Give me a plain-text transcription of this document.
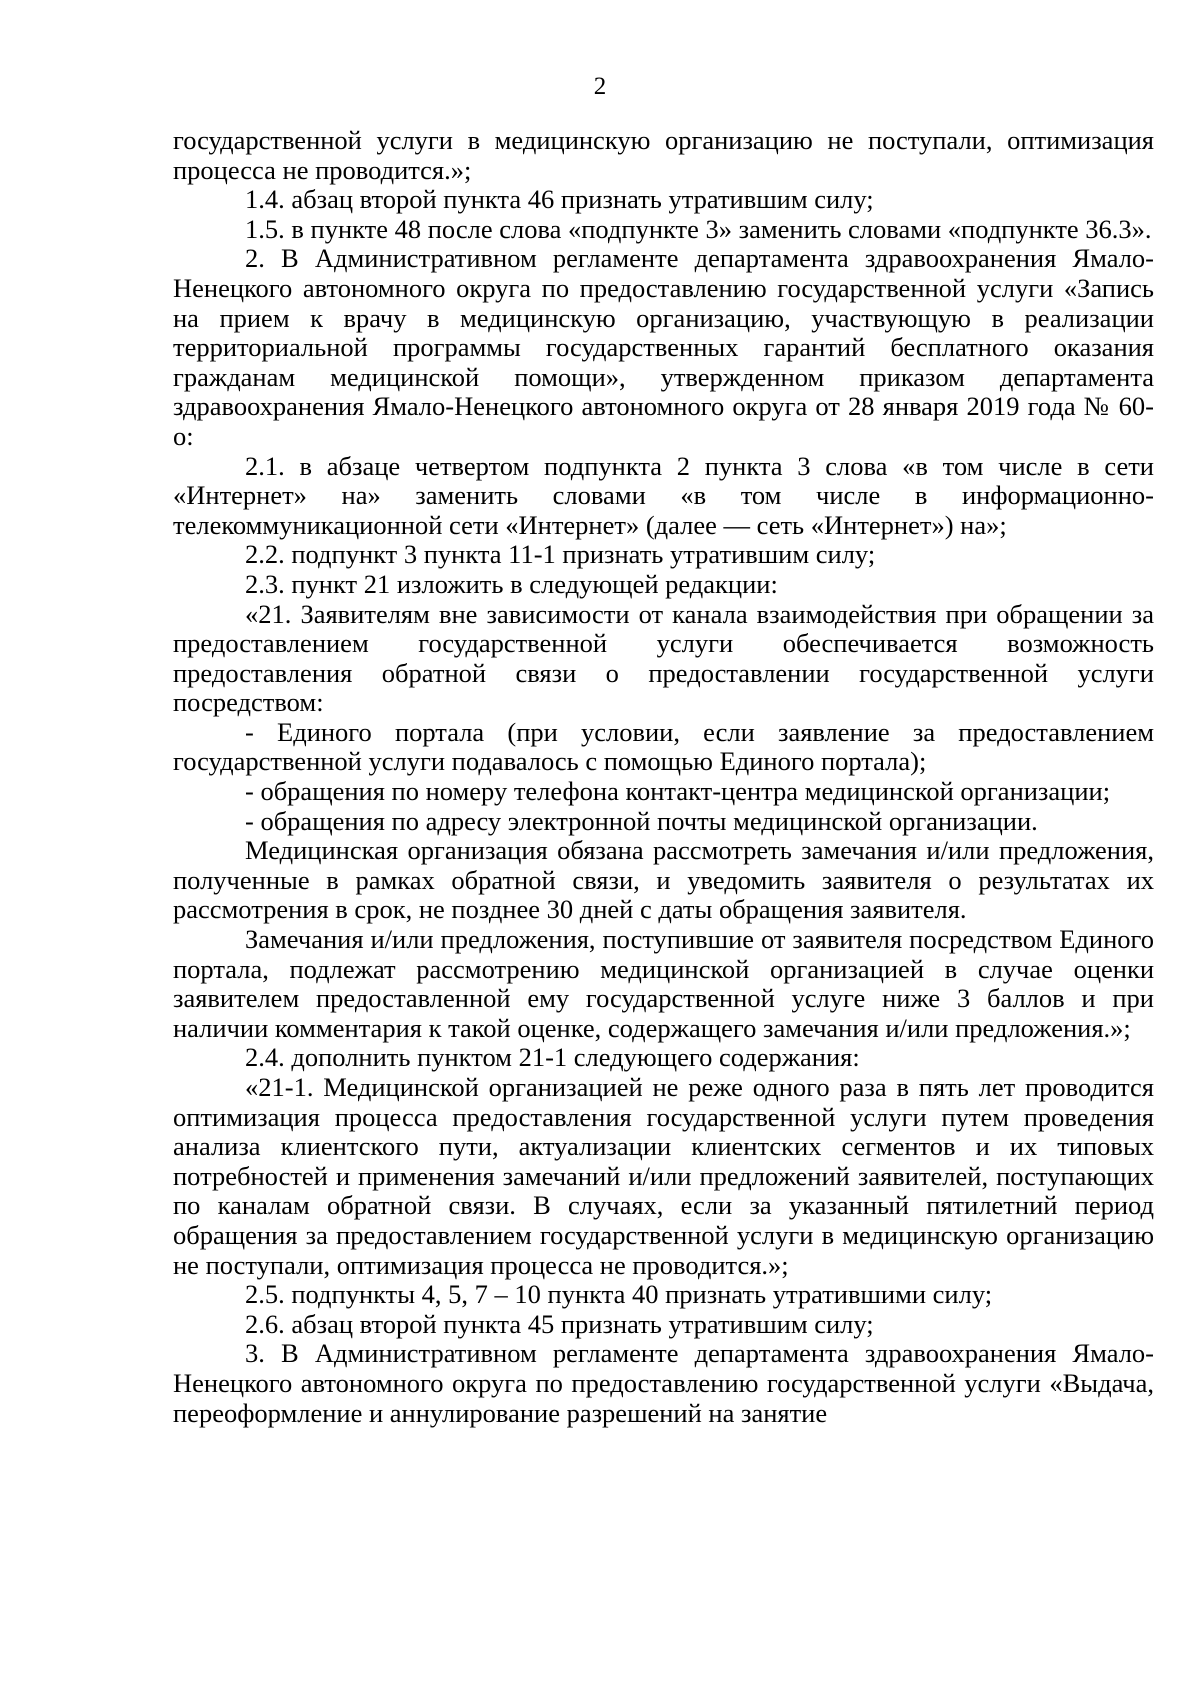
2

государственной услуги в медицинскую организацию не поступали, оптимизация процесса не проводится.»;

1.4. абзац второй пункта 46 признать утратившим силу;

1.5. в пункте 48 после слова «подпункте 3» заменить словами «подпункте 36.3».

2. В Административном регламенте департамента здравоохранения Ямало-Ненецкого автономного округа по предоставлению государственной услуги «Запись на прием к врачу в медицинскую организацию, участвующую в реализации территориальной программы государственных гарантий бесплатного оказания гражданам медицинской помощи», утвержденном приказом департамента здравоохранения Ямало-Ненецкого автономного округа от 28 января 2019 года № 60-о:

2.1. в абзаце четвертом подпункта 2 пункта 3 слова «в том числе в сети «Интернет» на» заменить словами «в том числе в информационно-телекоммуникационной сети «Интернет» (далее — сеть «Интернет») на»;

2.2. подпункт 3 пункта 11-1 признать утратившим силу;

2.3. пункт 21 изложить в следующей редакции:

«21. Заявителям вне зависимости от канала взаимодействия при обращении за предоставлением государственной услуги обеспечивается возможность предоставления обратной связи о предоставлении государственной услуги посредством:

- Единого портала (при условии, если заявление за предоставлением государственной услуги подавалось с помощью Единого портала);

- обращения по номеру телефона контакт-центра медицинской организации;

- обращения по адресу электронной почты медицинской организации.

Медицинская организация обязана рассмотреть замечания и/или предложения, полученные в рамках обратной связи, и уведомить заявителя о результатах их рассмотрения в срок, не позднее 30 дней с даты обращения заявителя.

Замечания и/или предложения, поступившие от заявителя посредством Единого портала, подлежат рассмотрению медицинской организацией в случае оценки заявителем предоставленной ему государственной услуге ниже 3 баллов и при наличии комментария к такой оценке, содержащего замечания и/или предложения.»;

2.4. дополнить пунктом 21-1 следующего содержания:

«21-1. Медицинской организацией не реже одного раза в пять лет проводится оптимизация процесса предоставления государственной услуги путем проведения анализа клиентского пути, актуализации клиентских сегментов и их типовых потребностей и применения замечаний и/или предложений заявителей, поступающих по каналам обратной связи. В случаях, если за указанный пятилетний период обращения за предоставлением государственной услуги в медицинскую организацию не поступали, оптимизация процесса не проводится.»;

2.5. подпункты 4, 5, 7 – 10 пункта 40 признать утратившими силу;

2.6. абзац второй пункта 45 признать утратившим силу;

3. В Административном регламенте департамента здравоохранения Ямало-Ненецкого автономного округа по предоставлению государственной услуги «Выдача, переоформление и аннулирование разрешений на занятие
